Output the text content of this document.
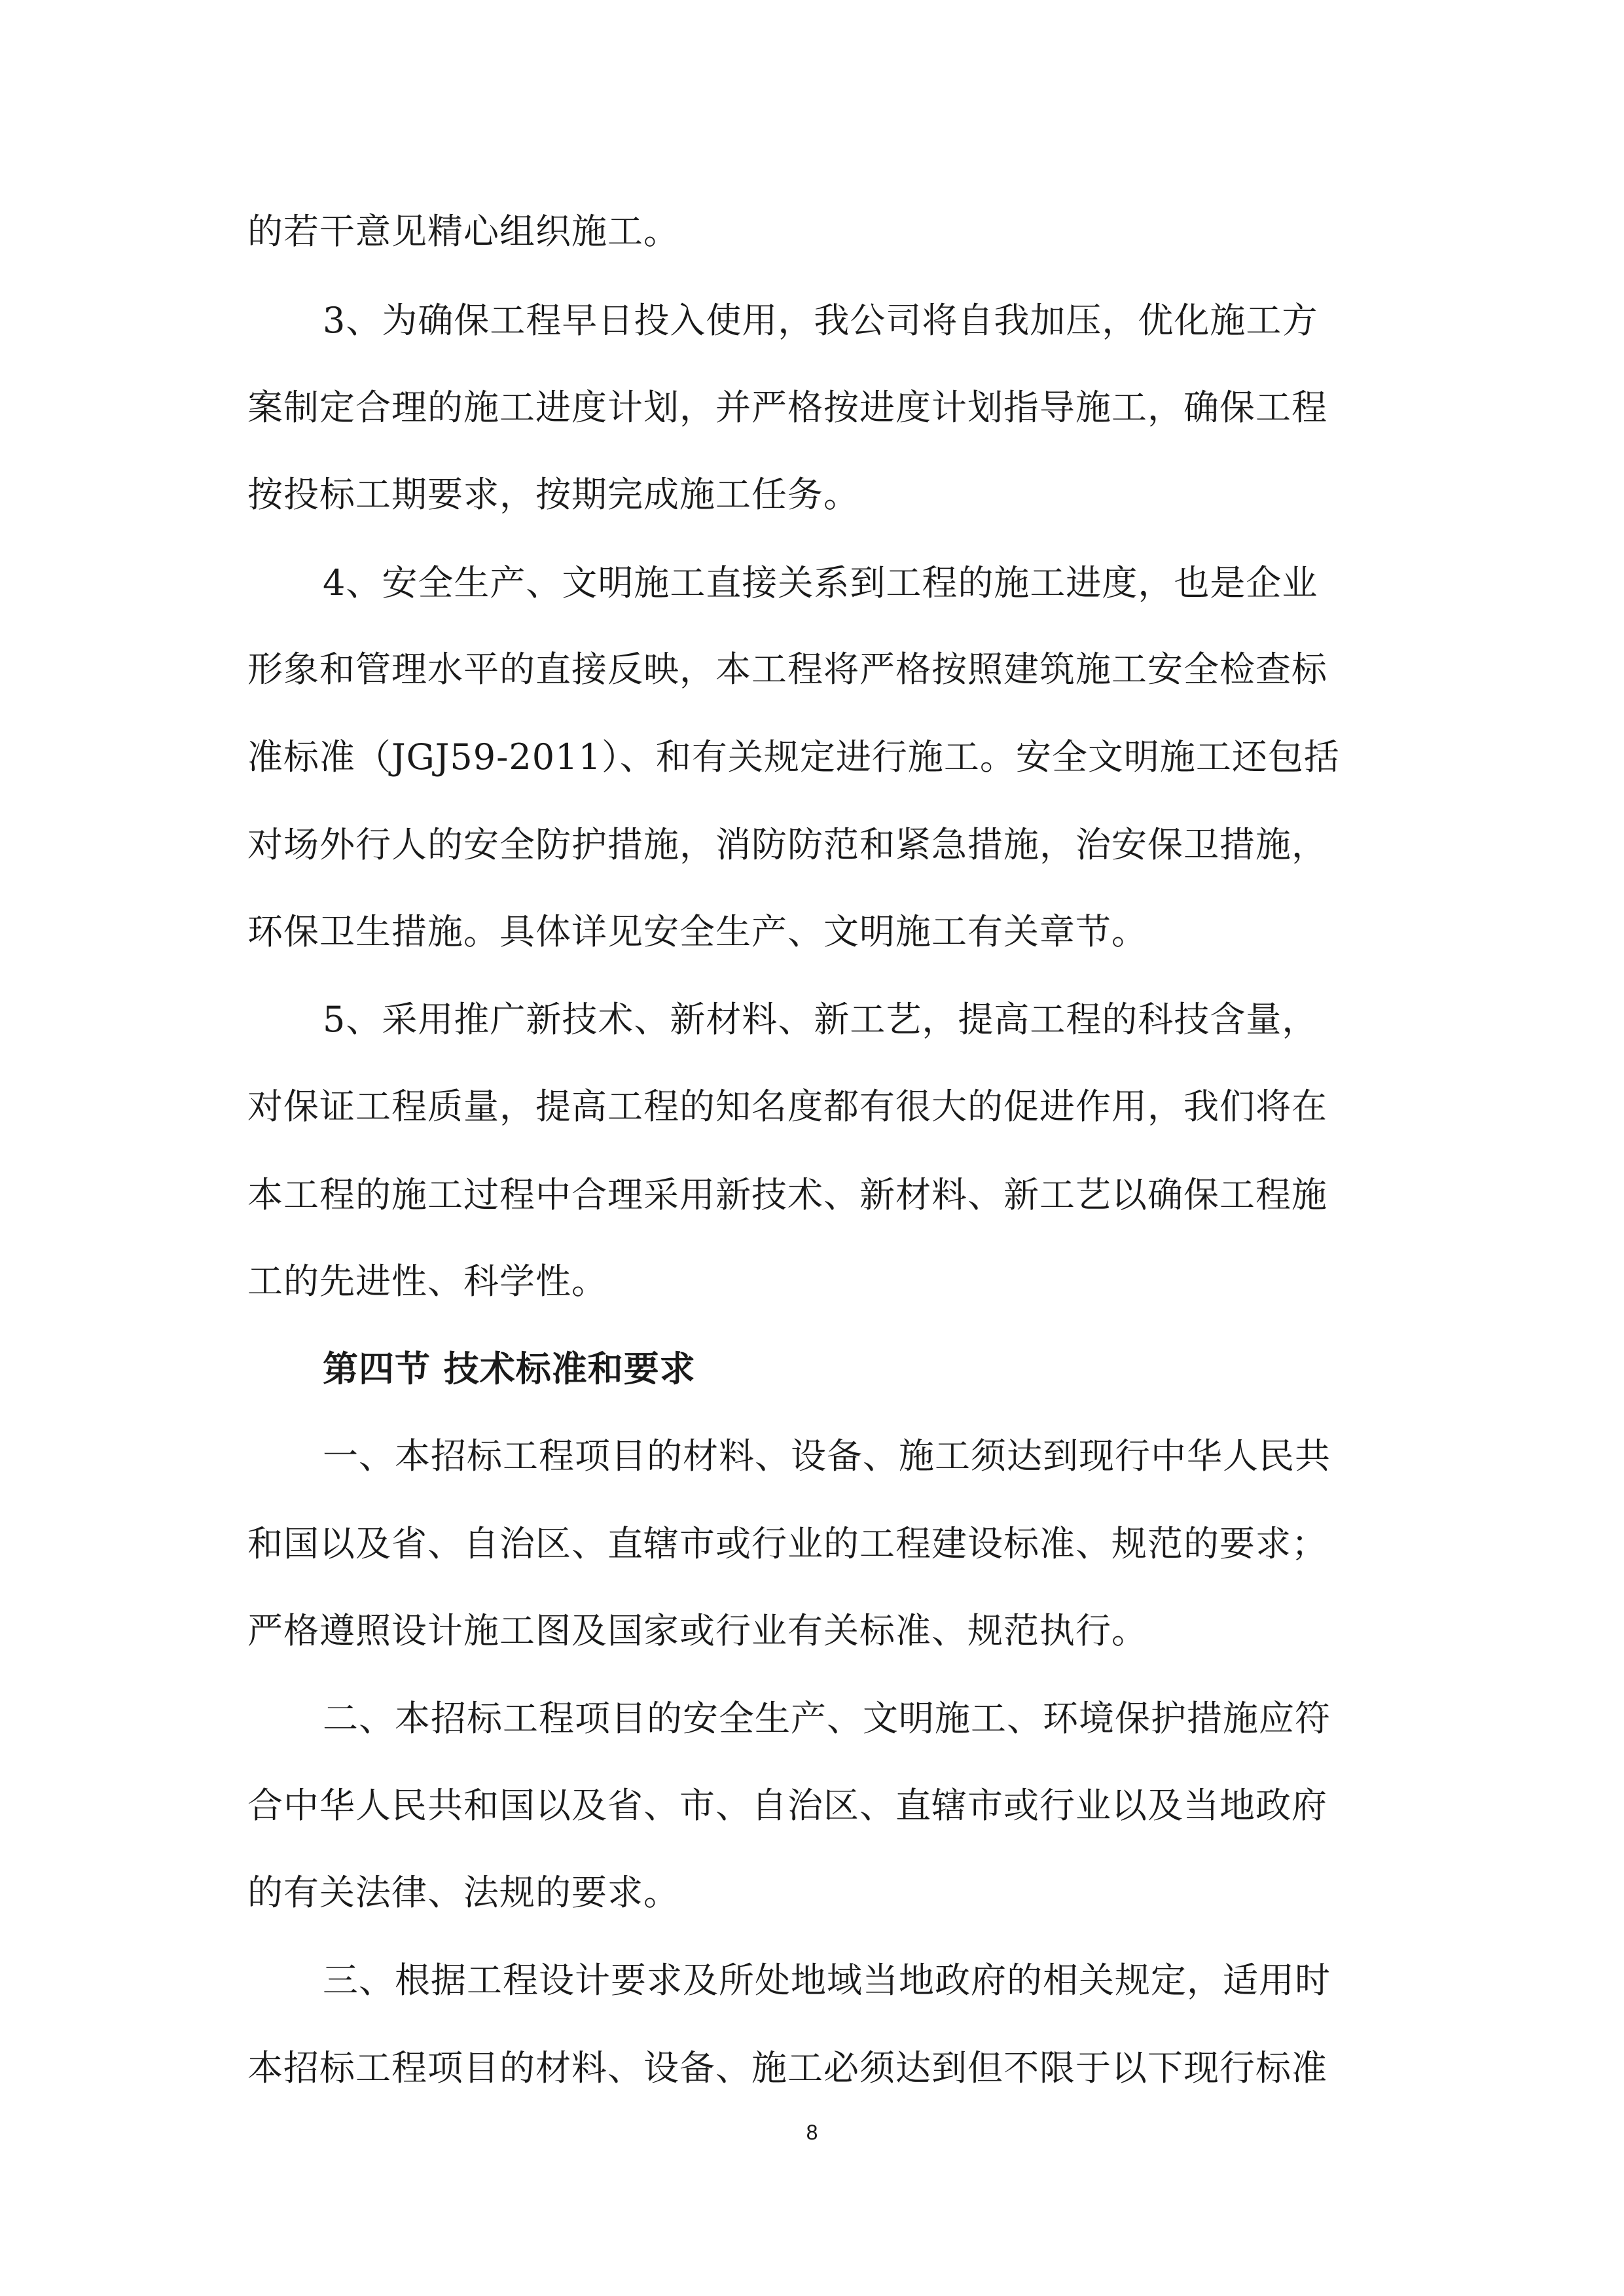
的若干意见精心组织施工。
3、为确保工程早日投入使用，我公司将自我加压，优化施工方
案制定合理的施工进度计划，并严格按进度计划指导施工，确保工程
按投标工期要求，按期完成施工任务。
4、安全生产、文明施工直接关系到工程的施工进度，也是企业
形象和管理水平的直接反映，本工程将严格按照建筑施工安全检查标
准标准（JGJ59-2011）、和有关规定进行施工。安全文明施工还包括
对场外行人的安全防护措施，消防防范和紧急措施，治安保卫措施，
环保卫生措施。具体详见安全生产、文明施工有关章节。
5、采用推广新技术、新材料、新工艺，提高工程的科技含量，
对保证工程质量，提高工程的知名度都有很大的促进作用，我们将在
本工程的施工过程中合理采用新技术、新材料、新工艺以确保工程施
工的先进性、科学性。
第四节 技术标准和要求
一、本招标工程项目的材料、设备、施工须达到现行中华人民共
和国以及省、自治区、直辖市或行业的工程建设标准、规范的要求；
严格遵照设计施工图及国家或行业有关标准、规范执行。
二、本招标工程项目的安全生产、文明施工、环境保护措施应符
合中华人民共和国以及省、市、自治区、直辖市或行业以及当地政府
的有关法律、法规的要求。
三、根据工程设计要求及所处地域当地政府的相关规定，适用时
本招标工程项目的材料、设备、施工必须达到但不限于以下现行标准
8
